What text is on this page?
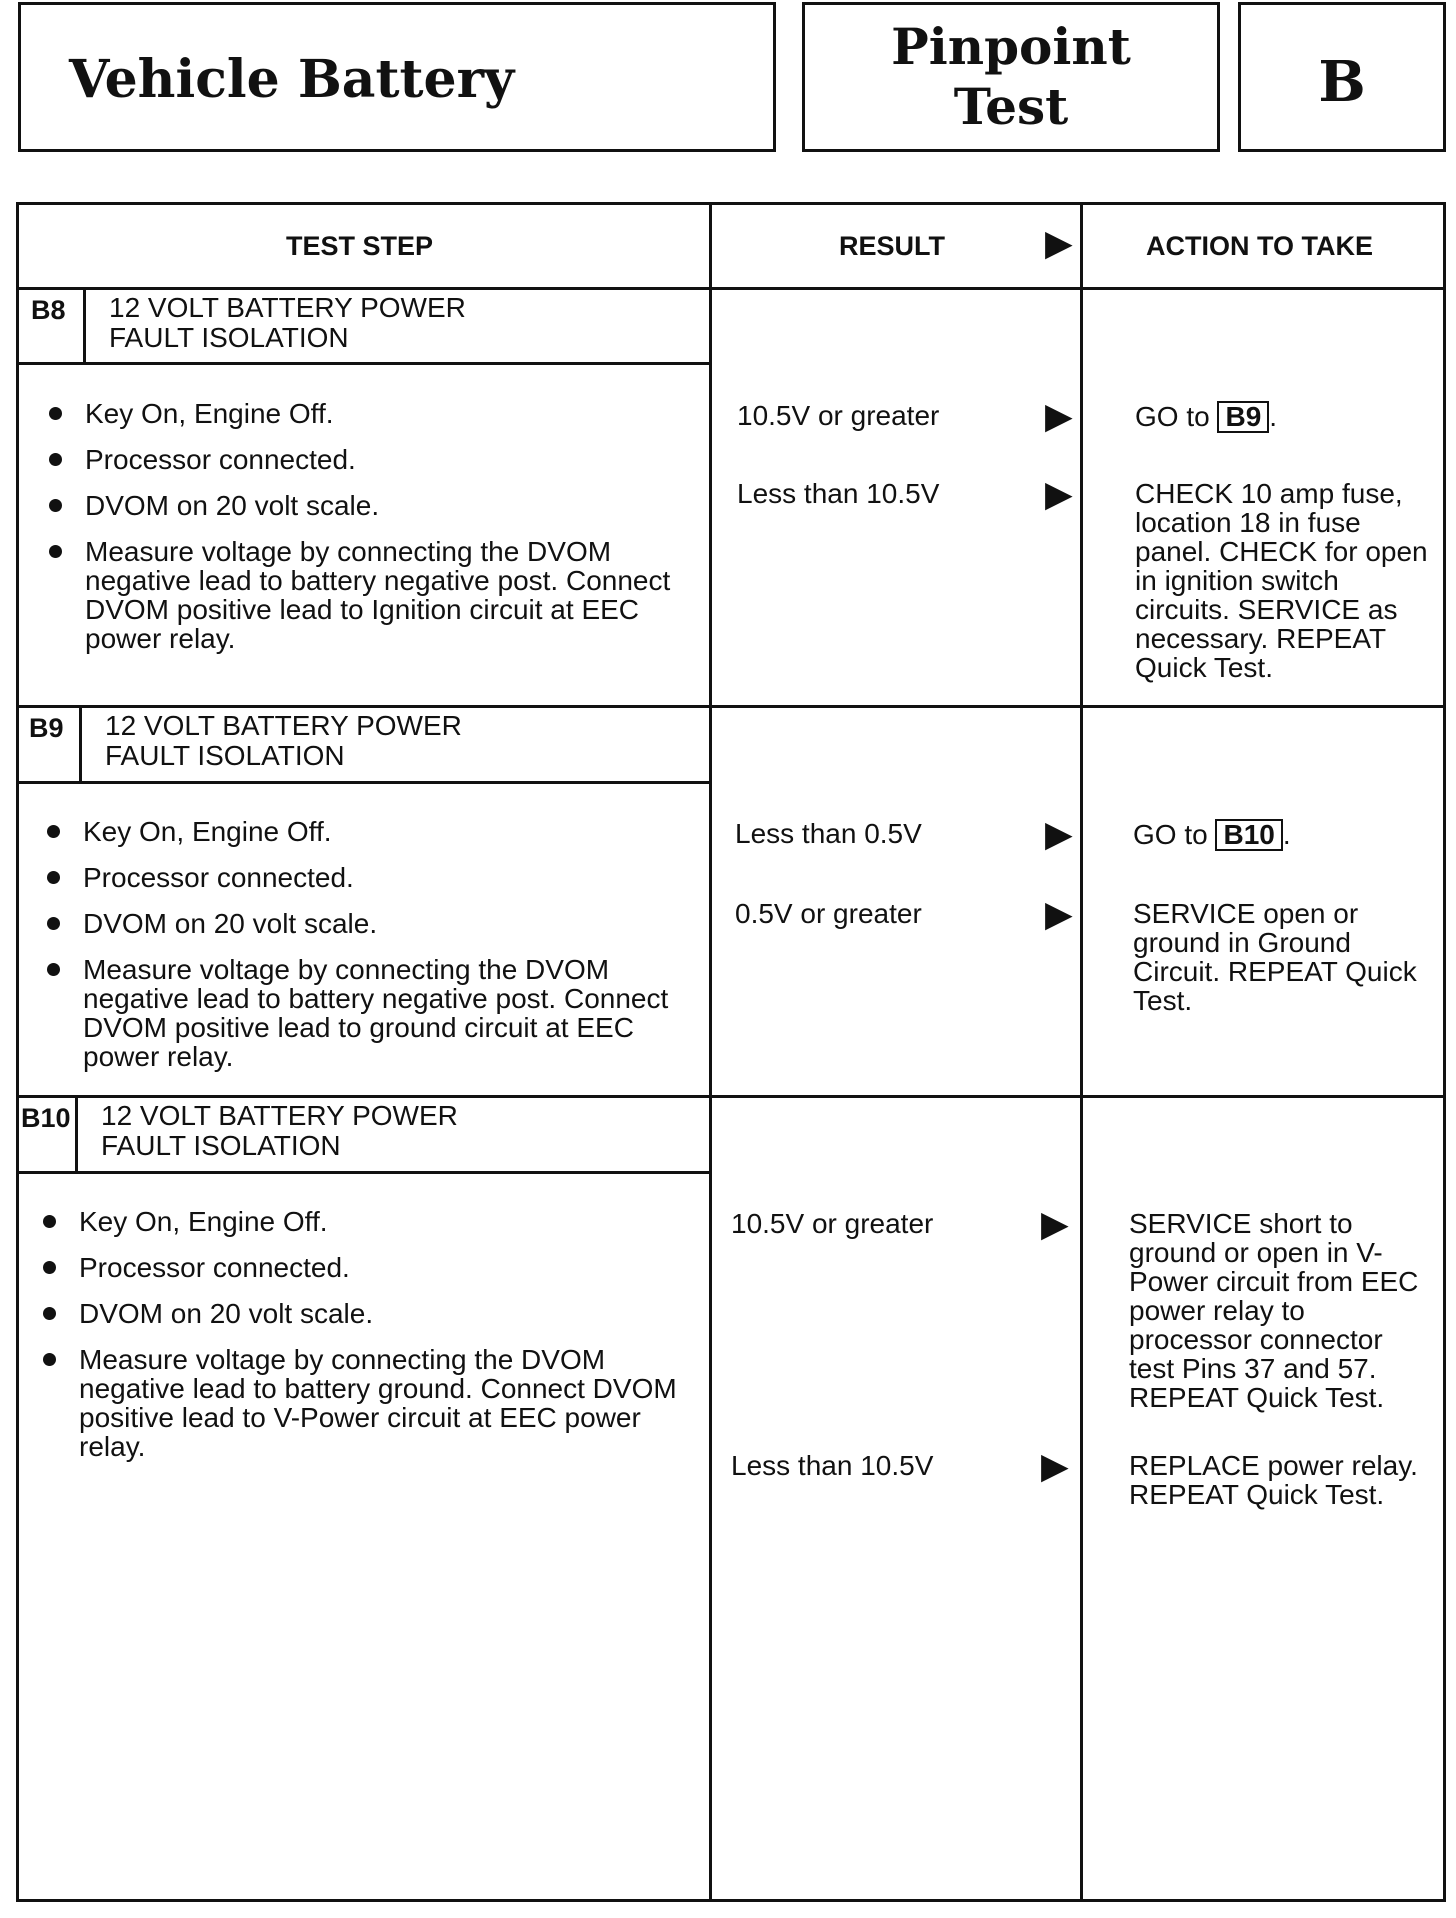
Vehicle Battery
Pinpoint
Test	B
TEST STEP	RESULT	▶	ACTION TO TAKE
B8 12 VOLT BATTERY POWER
FAULT ISOLATION
Key On, Engine Off.
Processor connected.
DVOM on 20 volt scale.
Measure voltage by connecting the DVOM negative lead to battery negative post. Connect DVOM positive lead to Ignition circuit at EEC power relay.
10.5V or greater	▶ GO to B9 .
Less than 10.5V	▶ CHECK 10 amp fuse, location 18 in fuse panel. CHECK for open in ignition switch circuits. SERVICE as necessary. REPEAT Quick Test.
B9 12 VOLT BATTERY POWER
FAULT ISOLATION
Key On, Engine Off.
Processor connected.
DVOM on 20 volt scale.
Measure voltage by connecting the DVOM negative lead to battery negative post. Connect DVOM positive lead to ground circuit at EEC power relay.
Less than 0.5V	▶ GO to B10 .
0.5V or greater	▶ SERVICE open or ground in Ground Circuit. REPEAT Quick Test.
B10 12 VOLT BATTERY POWER
FAULT ISOLATION
Key On, Engine Off.
Processor connected.
DVOM on 20 volt scale.
Measure voltage by connecting the DVOM negative lead to battery ground. Connect DVOM positive lead to V-Power circuit at EEC power relay.
10.5V or greater	▶ SERVICE short to ground or open in V-Power circuit from EEC power relay to processor connector test Pins 37 and 57. REPEAT Quick Test.
Less than 10.5V	▶ REPLACE power relay. REPEAT Quick Test.
